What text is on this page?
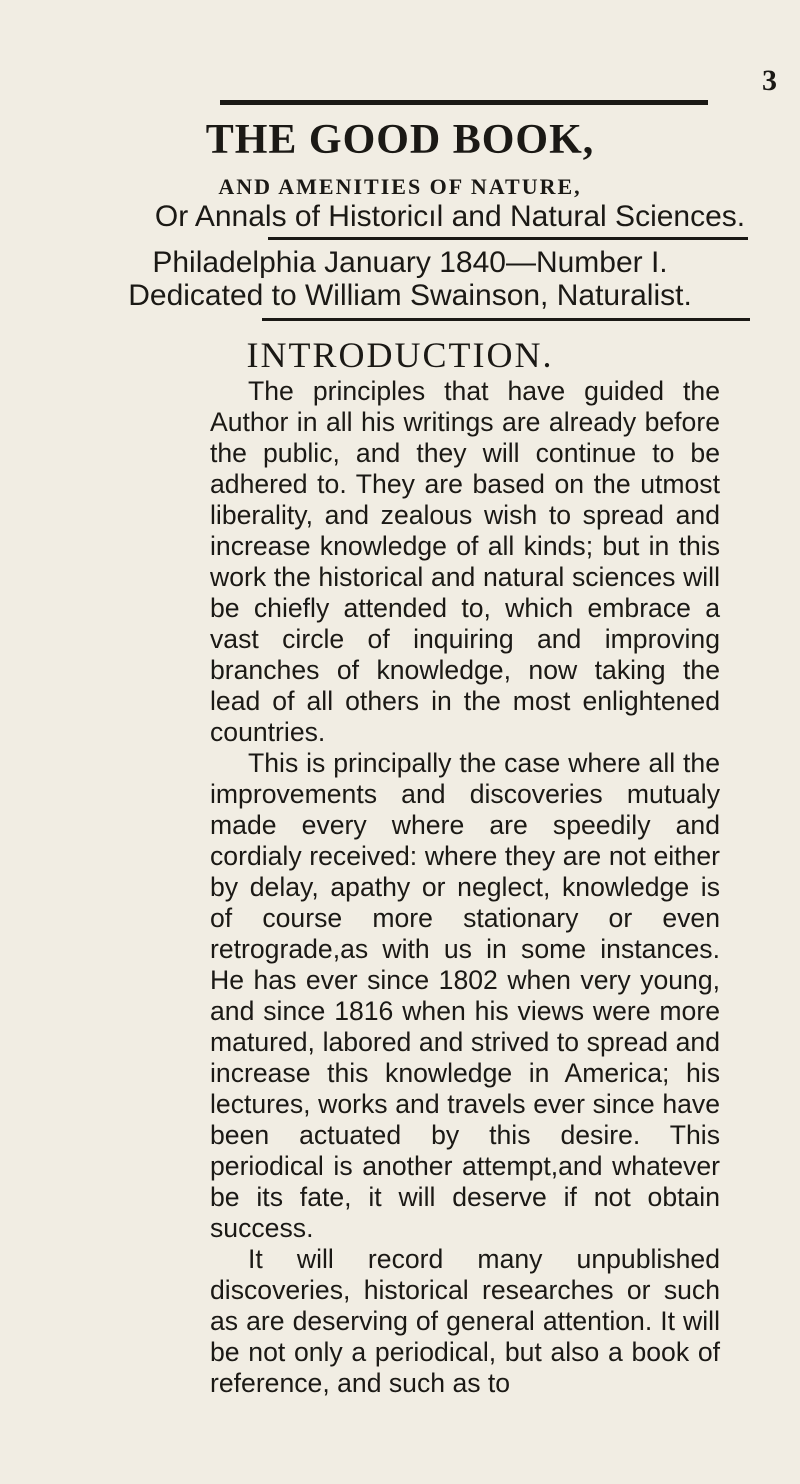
3
THE GOOD BOOK,
AND AMENITIES OF NATURE,
Or Annals of Historicıl and Natural Sciences.
Philadelphia January 1840—Number I.
Dedicated to William Swainson, Naturalist.
INTRODUCTION.

The principles that have guided the Author in all his writings are already before the public, and they will continue to be adhered to. They are based on the utmost liberality, and zealous wish to spread and increase knowledge of all kinds; but in this work the historical and natural sciences will be chiefly attended to, which embrace a vast circle of inquiring and improving branches of knowledge, now taking the lead of all others in the most enlightened countries.

This is principally the case where all the improvements and discoveries mutualy made every where are speedily and cordialy received: where they are not either by delay, apathy or neglect, knowledge is of course more stationary or even retrograde,as with us in some instances. He has ever since 1802 when very young, and since 1816 when his views were more matured, labored and strived to spread and increase this knowledge in America; his lectures, works and travels ever since have been actuated by this desire. This periodical is another attempt,and whatever be its fate, it will deserve if not obtain success.

It will record many unpublished discoveries, historical researches or such as are deserving of general attention. It will be not only a periodical, but also a book of reference, and such as to
